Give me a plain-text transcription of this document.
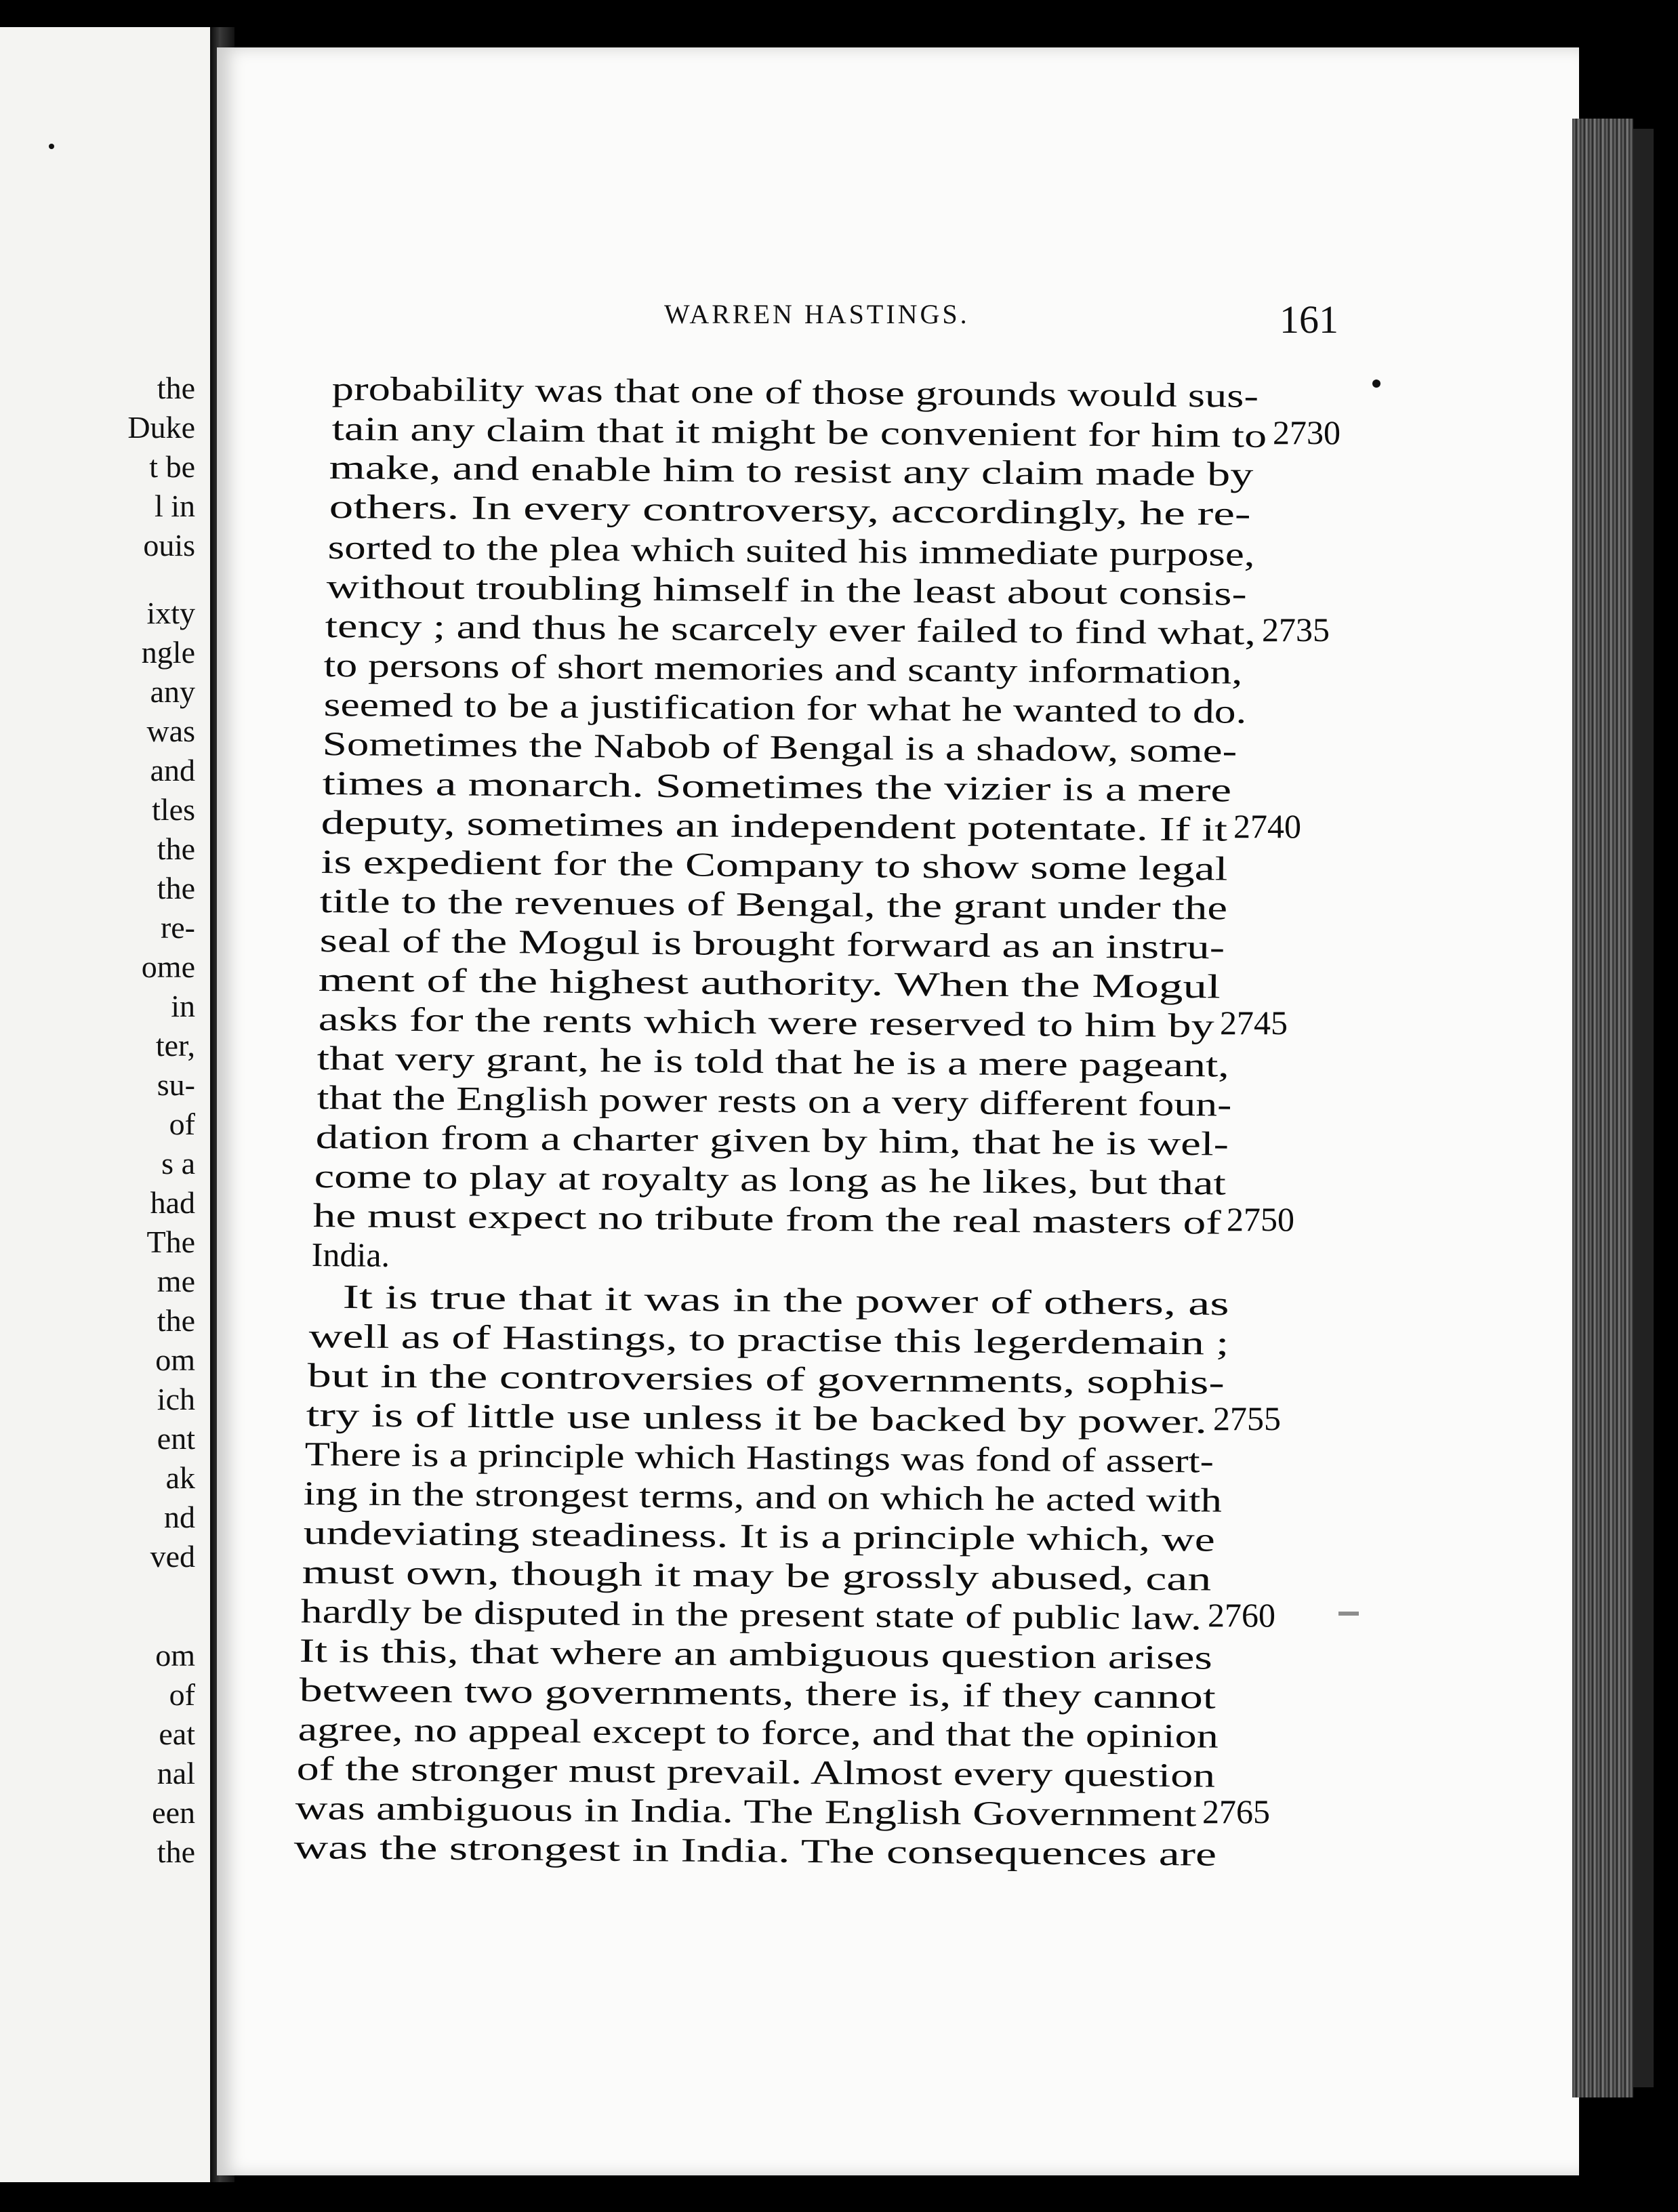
the
Duke
t be
l in
ouis
ixty
ngle
any
was
and
tles
the
the
re-
ome
in
ter,
su-
of
s a
had
The
me
the
om
ich
ent
ak
nd
ved
om
of
eat
nal
een
the
WARREN HASTINGS.	161
probability was that one of those grounds would sus-
tain any claim that it might be convenient for him to
make, and enable him to resist any claim made by
others. In every controversy, accordingly, he re-
sorted to the plea which suited his immediate purpose,
without troubling himself in the least about consis-
tency ; and thus he scarcely ever failed to find what,
to persons of short memories and scanty information,
seemed to be a justification for what he wanted to do.
Sometimes the Nabob of Bengal is a shadow, some-
times a monarch. Sometimes the vizier is a mere
deputy, sometimes an independent potentate. If it
is expedient for the Company to show some legal
title to the revenues of Bengal, the grant under the
seal of the Mogul is brought forward as an instru-
ment of the highest authority. When the Mogul
asks for the rents which were reserved to him by
that very grant, he is told that he is a mere pageant,
that the English power rests on a very different foun-
dation from a charter given by him, that he is wel-
come to play at royalty as long as he likes, but that
he must expect no tribute from the real masters of
India.
It is true that it was in the power of others, as
well as of Hastings, to practise this legerdemain ;
but in the controversies of governments, sophis-
try is of little use unless it be backed by power.
There is a principle which Hastings was fond of assert-
ing in the strongest terms, and on which he acted with
undeviating steadiness. It is a principle which, we
must own, though it may be grossly abused, can
hardly be disputed in the present state of public law.
It is this, that where an ambiguous question arises
between two governments, there is, if they cannot
agree, no appeal except to force, and that the opinion
of the stronger must prevail. Almost every question
was ambiguous in India. The English Government
was the strongest in India. The consequences are
2730
2735
2740
2745
2750
2755
2760
2765
